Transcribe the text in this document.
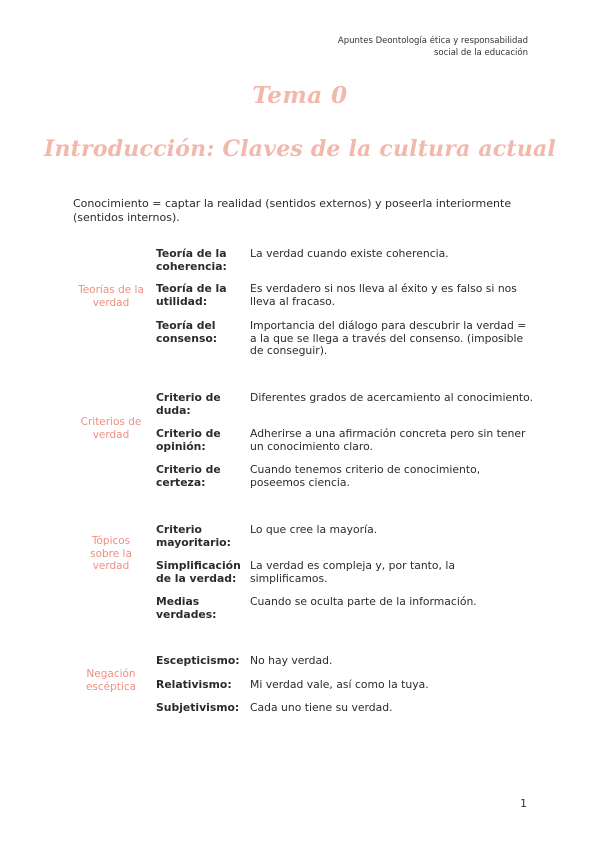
Apuntes Deontología ética y responsabilidad
social de la educación
Tema 0
Introducción: Claves de la cultura actual
Conocimiento = captar la realidad (sentidos externos) y poseerla interiormente (sentidos internos).
Teorías de la verdad
Teoría de la coherencia:
La verdad cuando existe coherencia.
Teoría de la utilidad:
Es verdadero si nos lleva al éxito y es falso si nos lleva al fracaso.
Teoría del consenso:
Importancia del diálogo para descubrir la verdad = a la que se llega a través del consenso. (imposible de conseguir).
Criterios de verdad
Criterio de duda:
Diferentes grados de acercamiento al conocimiento.
Criterio de opinión:
Adherirse a una afirmación concreta pero sin tener un conocimiento claro.
Criterio de certeza:
Cuando tenemos criterio de conocimiento, poseemos ciencia.
Tópicos sobre la verdad
Criterio mayoritario:
Lo que cree la mayoría.
Simplificación de la verdad:
La verdad es compleja y, por tanto, la simplificamos.
Medias verdades:
Cuando se oculta parte de la información.
Negación escéptica
Escepticismo: No hay verdad.
Relativismo:	Mi verdad vale, así como la tuya.
Subjetivismo: Cada uno tiene su verdad.
1
